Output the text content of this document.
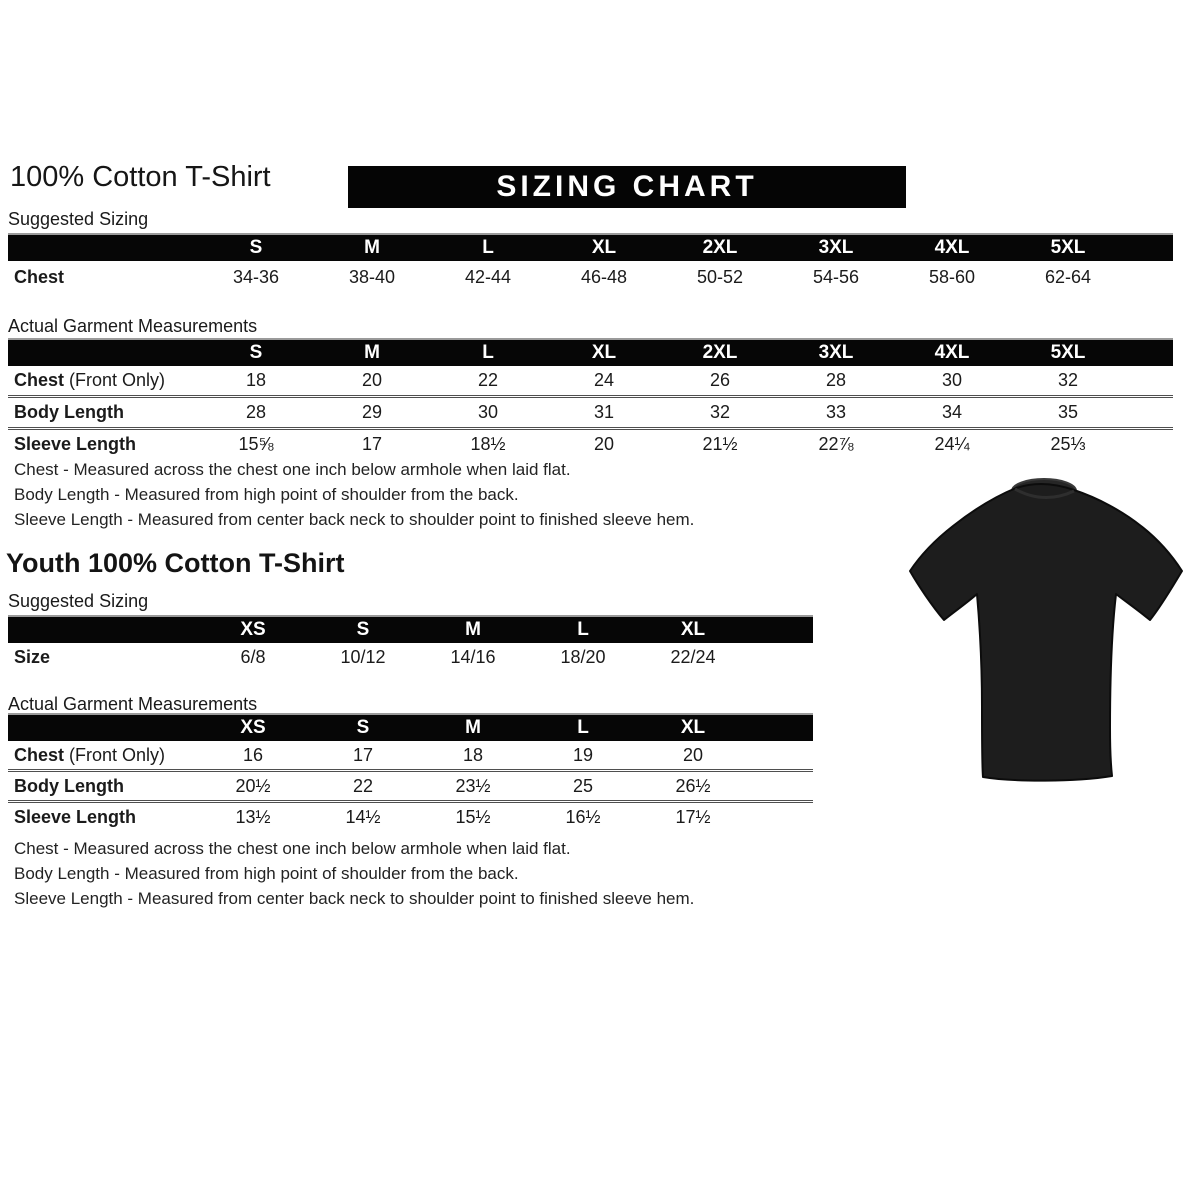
100% Cotton T-Shirt	SIZING CHART
Suggested Sizing
	S	M	L	XL	2XL	3XL	4XL	5XL	
Chest	34-36	38-40	42-44	46-48	50-52	54-56	58-60	62-64	
Actual Garment Measurements
	S	M	L	XL	2XL	3XL	4XL	5XL	
Chest (Front Only)	18	20	22	24	26	28	30	32	
Body Length	28	29	30	31	32	33	34	35	
Sleeve Length	15⅝	17	18½	20	21½	22⅞	24¼	25⅓	
Chest - Measured across the chest one inch below armhole when laid flat.
Body Length - Measured from high point of shoulder from the back.
Sleeve Length - Measured from center back neck to shoulder point to finished sleeve hem.
Youth 100% Cotton T-Shirt
Suggested Sizing
	XS	S	M	L	XL	
Size	6/8	10/12	14/16	18/20	22/24	
Actual Garment Measurements
	XS	S	M	L	XL	
Chest (Front Only)	16	17	18	19	20	
Body Length	20½	22	23½	25	26½	
Sleeve Length	13½	14½	15½	16½	17½	
Chest - Measured across the chest one inch below armhole when laid flat.
Body Length - Measured from high point of shoulder from the back.
Sleeve Length - Measured from center back neck to shoulder point to finished sleeve hem.
